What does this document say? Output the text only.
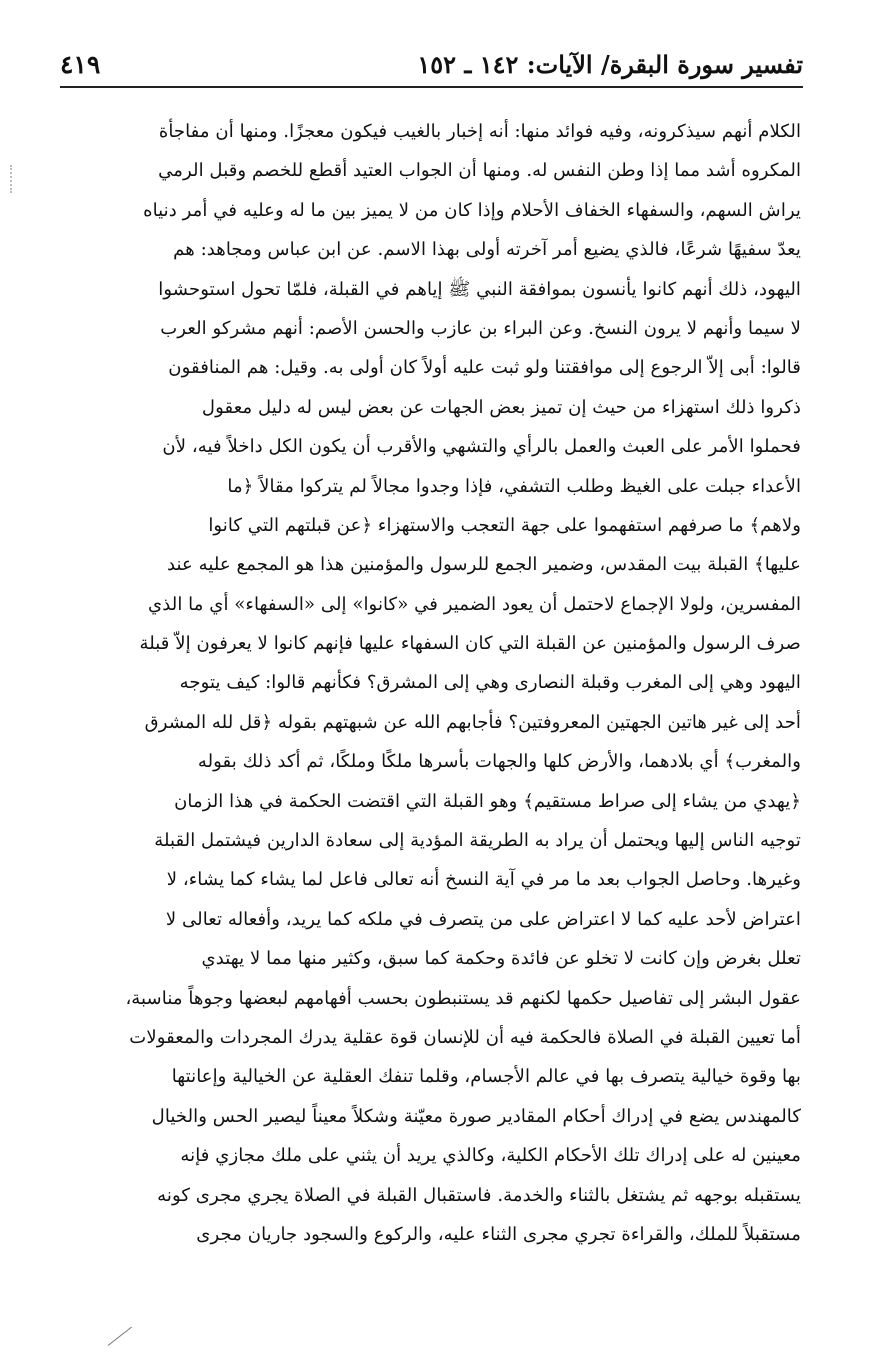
تفسير سورة البقرة/ الآيات: ١٤٢ ـ ١٥٢
٤١٩
الكلام أنهم سيذكرونه، وفيه فوائد منها: أنه إخبار بالغيب فيكون معجزًا. ومنها أن مفاجأة
المكروه أشد مما إذا وطن النفس له. ومنها أن الجواب العتيد أقطع للخصم وقبل الرمي
يراش السهم، والسفهاء الخفاف الأحلام وإذا كان من لا يميز بين ما له وعليه في أمر دنياه
يعدّ سفيهًا شرعًا، فالذي يضيع أمر آخرته أولى بهذا الاسم. عن ابن عباس ومجاهد: هم
اليهود، ذلك أنهم كانوا يأنسون بموافقة النبي ﷺ إياهم في القبلة، فلمّا تحول استوحشوا
لا سيما وأنهم لا يرون النسخ. وعن البراء بن عازب والحسن الأصم: أنهم مشركو العرب
قالوا: أبى إلاّ الرجوع إلى موافقتنا ولو ثبت عليه أولاً كان أولى به. وقيل: هم المنافقون
ذكروا ذلك استهزاء من حيث إن تميز بعض الجهات عن بعض ليس له دليل معقول
فحملوا الأمر على العبث والعمل بالرأي والتشهي والأقرب أن يكون الكل داخلاً فيه، لأن
الأعداء جبلت على الغيظ وطلب التشفي، فإذا وجدوا مجالاً لم يتركوا مقالاً ﴿ما
ولاهم﴾ ما صرفهم استفهموا على جهة التعجب والاستهزاء ﴿عن قبلتهم التي كانوا
عليها﴾ القبلة بيت المقدس، وضمير الجمع للرسول والمؤمنين هذا هو المجمع عليه عند
المفسرين، ولولا الإجماع لاحتمل أن يعود الضمير في «كانوا» إلى «السفهاء» أي ما الذي
صرف الرسول والمؤمنين عن القبلة التي كان السفهاء عليها فإنهم كانوا لا يعرفون إلاّ قبلة
اليهود وهي إلى المغرب وقبلة النصارى وهي إلى المشرق؟ فكأنهم قالوا: كيف يتوجه
أحد إلى غير هاتين الجهتين المعروفتين؟ فأجابهم الله عن شبهتهم بقوله ﴿قل لله المشرق
والمغرب﴾ أي بلادهما، والأرض كلها والجهات بأسرها ملكًا وملكًا، ثم أكد ذلك بقوله
﴿يهدي من يشاء إلى صراط مستقيم﴾ وهو القبلة التي اقتضت الحكمة في هذا الزمان
توجيه الناس إليها ويحتمل أن يراد به الطريقة المؤدية إلى سعادة الدارين فيشتمل القبلة
وغيرها. وحاصل الجواب بعد ما مر في آية النسخ أنه تعالى فاعل لما يشاء كما يشاء، لا
اعتراض لأحد عليه كما لا اعتراض على من يتصرف في ملكه كما يريد، وأفعاله تعالى لا
تعلل بغرض وإن كانت لا تخلو عن فائدة وحكمة كما سبق، وكثير منها مما لا يهتدي
عقول البشر إلى تفاصيل حكمها لكنهم قد يستنبطون بحسب أفهامهم لبعضها وجوهاً مناسبة،
أما تعيين القبلة في الصلاة فالحكمة فيه أن للإنسان قوة عقلية يدرك المجردات والمعقولات
بها وقوة خيالية يتصرف بها في عالم الأجسام، وقلما تنفك العقلية عن الخيالية وإعانتها
كالمهندس يضع في إدراك أحكام المقادير صورة معيّنة وشكلاً معيناً ليصير الحس والخيال
معينين له على إدراك تلك الأحكام الكلية، وكالذي يريد أن يثني على ملك مجازي فإنه
يستقبله بوجهه ثم يشتغل بالثناء والخدمة. فاستقبال القبلة في الصلاة يجري مجرى كونه
مستقبلاً للملك، والقراءة تجري مجرى الثناء عليه، والركوع والسجود جاريان مجرى
